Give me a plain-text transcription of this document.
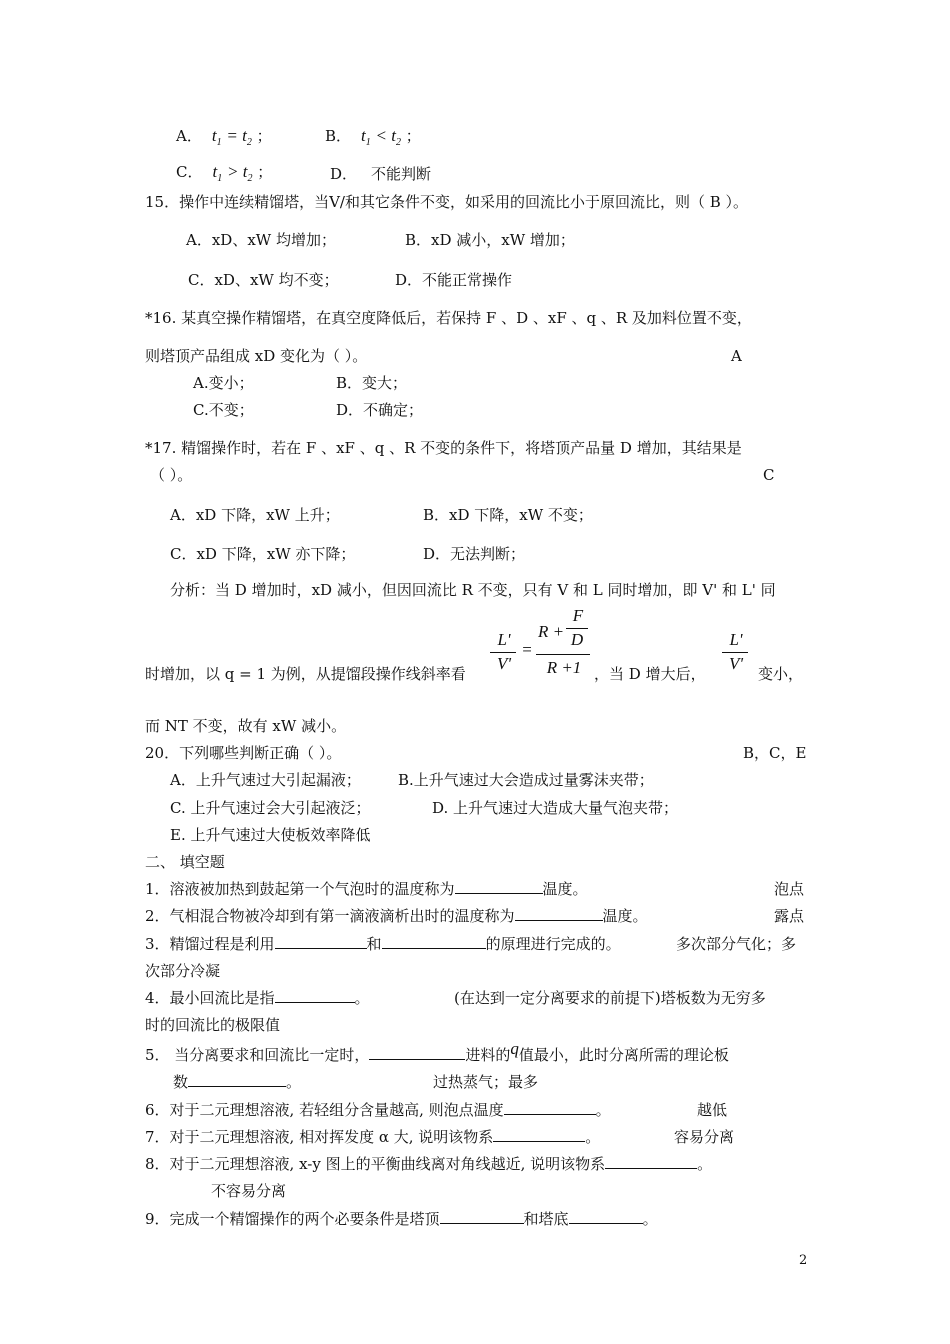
A． $t_1 = t_2$ ；	B． $t_1 < t_2$ ；
C． $t_1 > t_2$ ；	D． 不能判断
15．操作中连续精馏塔，当V/和其它条件不变，如采用的回流比小于原回流比，则（ B ）。
A．xD、xW 均增加；	B．xD 减小，xW 增加；
C．xD、xW 均不变；	D．不能正常操作
*16. 某真空操作精馏塔，在真空度降低后，若保持 F 、D 、xF 、q 、R 及加料位置不变，
则塔顶产品组成 xD 变化为（ ）。	A
A.变小；	B．变大；
C.不变；	D．不确定；
*17. 精馏操作时，若在 F 、xF 、q 、R 不变的条件下，将塔顶产品量 D 增加，其结果是
（ ）。	C
A．xD 下降，xW 上升；	B．xD 下降，xW 不变；
C．xD 下降，xW 亦下降；	D．无法判断；
分析：当 D 增加时，xD 减小，但因回流比 R 不变，只有 V 和 L 同时增加，即 V' 和 L' 同
L'
V'
=
F
D
R +
R +1
L'
V'
时增加，以 q = 1 为例，从提馏段操作线斜率看	，当 D 增大后，	变小，
而 NT 不变，故有 xW 减小。
20．下列哪些判断正确（ ）。	B，C，E
A．上升气速过大引起漏液； B.上升气速过大会造成过量雾沫夹带；
C. 上升气速过会大引起液泛；	D. 上升气速过大造成大量气泡夹带；
E. 上升气速过大使板效率降低
二、 填空题
1．溶液被加热到鼓起第一个气泡时的温度称为	温度。	泡点
2．气相混合物被冷却到有第一滴液滴析出时的温度称为	温度。	露点
3．精馏过程是利用	和	的原理进行完成的。	多次部分气化；多
次部分冷凝
4．最小回流比是指	。	(在达到一定分离要求的前提下)塔板数为无穷多
时的回流比的极限值
5． 当分离要求和回流比一定时，	进料的q值最小，此时分离所需的理论板
数	。	过热蒸气；最多
6．对于二元理想溶液, 若轻组分含量越高, 则泡点温度	。	越低
7．对于二元理想溶液, 相对挥发度 α 大, 说明该物系	。	容易分离
8．对于二元理想溶液, x-y 图上的平衡曲线离对角线越近, 说明该物系	。
不容易分离
9．完成一个精馏操作的两个必要条件是塔顶	和塔底	。
2
